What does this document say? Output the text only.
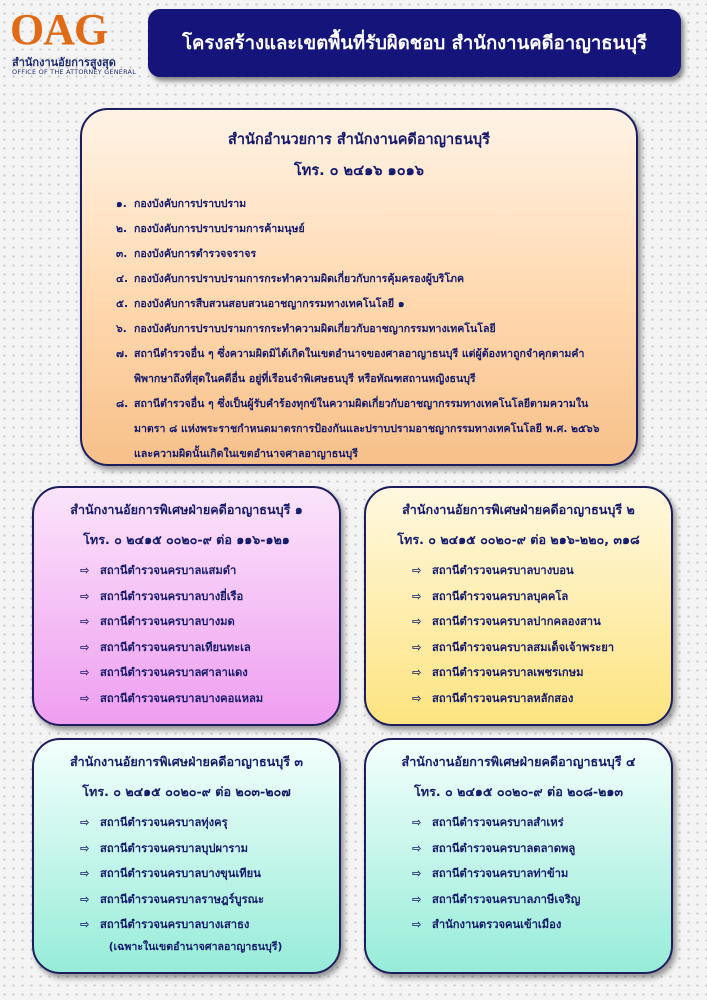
OAG
สำนักงานอัยการสูงสุด
OFFICE OF THE ATTORNEY GENERAL
โครงสร้างและเขตพื้นที่รับผิดชอบ สำนักงานคดีอาญาธนบุรี
สำนักอำนวยการ สำนักงานคดีอาญาธนบุรี
โทร. ๐ ๒๔๑๖ ๑๐๑๖
๑. กองบังคับการปราบปราม
๒. กองบังคับการปราบปรามการค้ามนุษย์
๓. กองบังคับการตำรวจจราจร
๔. กองบังคับการปราบปรามการกระทำความผิดเกี่ยวกับการคุ้มครองผู้บริโภค
๕. กองบังคับการสืบสวนสอบสวนอาชญากรรมทางเทคโนโลยี ๑
๖. กองบังคับการปราบปรามการกระทำความผิดเกี่ยวกับอาชญากรรมทางเทคโนโลยี
๗. สถานีตำรวจอื่น ๆ ซึ่งความผิดมิได้เกิดในเขตอำนาจของศาลอาญาธนบุรี แต่ผู้ต้องหาถูกจำคุกตามคำพิพากษาถึงที่สุดในคดีอื่น อยู่ที่เรือนจำพิเศษธนบุรี หรือทัณฑสถานหญิงธนบุรี
๘. สถานีตำรวจอื่น ๆ ซึ่งเป็นผู้รับคำร้องทุกข์ในความผิดเกี่ยวกับอาชญากรรมทางเทคโนโลยีตามความในมาตรา ๘ แห่งพระราชกำหนดมาตรการป้องกันและปราบปรามอาชญากรรมทางเทคโนโลยี พ.ศ. ๒๕๖๖ และความผิดนั้นเกิดในเขตอำนาจศาลอาญาธนบุรี
สำนักงานอัยการพิเศษฝ่ายคดีอาญาธนบุรี ๑
โทร. ๐ ๒๔๑๕ ๐๐๒๐-๙ ต่อ ๑๑๖-๑๒๑
⇨ สถานีตำรวจนครบาลแสมดำ
⇨ สถานีตำรวจนครบาลบางยี่เรือ
⇨ สถานีตำรวจนครบาลบางมด
⇨ สถานีตำรวจนครบาลเทียนทะเล
⇨ สถานีตำรวจนครบาลศาลาแดง
⇨ สถานีตำรวจนครบาลบางคอแหลม
สำนักงานอัยการพิเศษฝ่ายคดีอาญาธนบุรี ๒
โทร. ๐ ๒๔๑๕ ๐๐๒๐-๙ ต่อ ๒๑๖-๒๒๐, ๓๑๘
⇨ สถานีตำรวจนครบาลบางบอน
⇨ สถานีตำรวจนครบาลบุคคโล
⇨ สถานีตำรวจนครบาลปากคลองสาน
⇨ สถานีตำรวจนครบาลสมเด็จเจ้าพระยา
⇨ สถานีตำรวจนครบาลเพชรเกษม
⇨ สถานีตำรวจนครบาลหลักสอง
สำนักงานอัยการพิเศษฝ่ายคดีอาญาธนบุรี ๓
โทร. ๐ ๒๔๑๕ ๐๐๒๐-๙ ต่อ ๒๐๓-๒๐๗
⇨ สถานีตำรวจนครบาลทุ่งครุ
⇨ สถานีตำรวจนครบาลบุปผาราม
⇨ สถานีตำรวจนครบาลบางขุนเทียน
⇨ สถานีตำรวจนครบาลราษฎร์บูรณะ
⇨ สถานีตำรวจนครบาลบางเสาธง
(เฉพาะในเขตอำนาจศาลอาญาธนบุรี)
สำนักงานอัยการพิเศษฝ่ายคดีอาญาธนบุรี ๔
โทร. ๐ ๒๔๑๕ ๐๐๒๐-๙ ต่อ ๒๐๘-๒๑๓
⇨ สถานีตำรวจนครบาลสำเหร่
⇨ สถานีตำรวจนครบาลตลาดพลู
⇨ สถานีตำรวจนครบาลท่าข้าม
⇨ สถานีตำรวจนครบาลภาษีเจริญ
⇨ สำนักงานตรวจคนเข้าเมือง
